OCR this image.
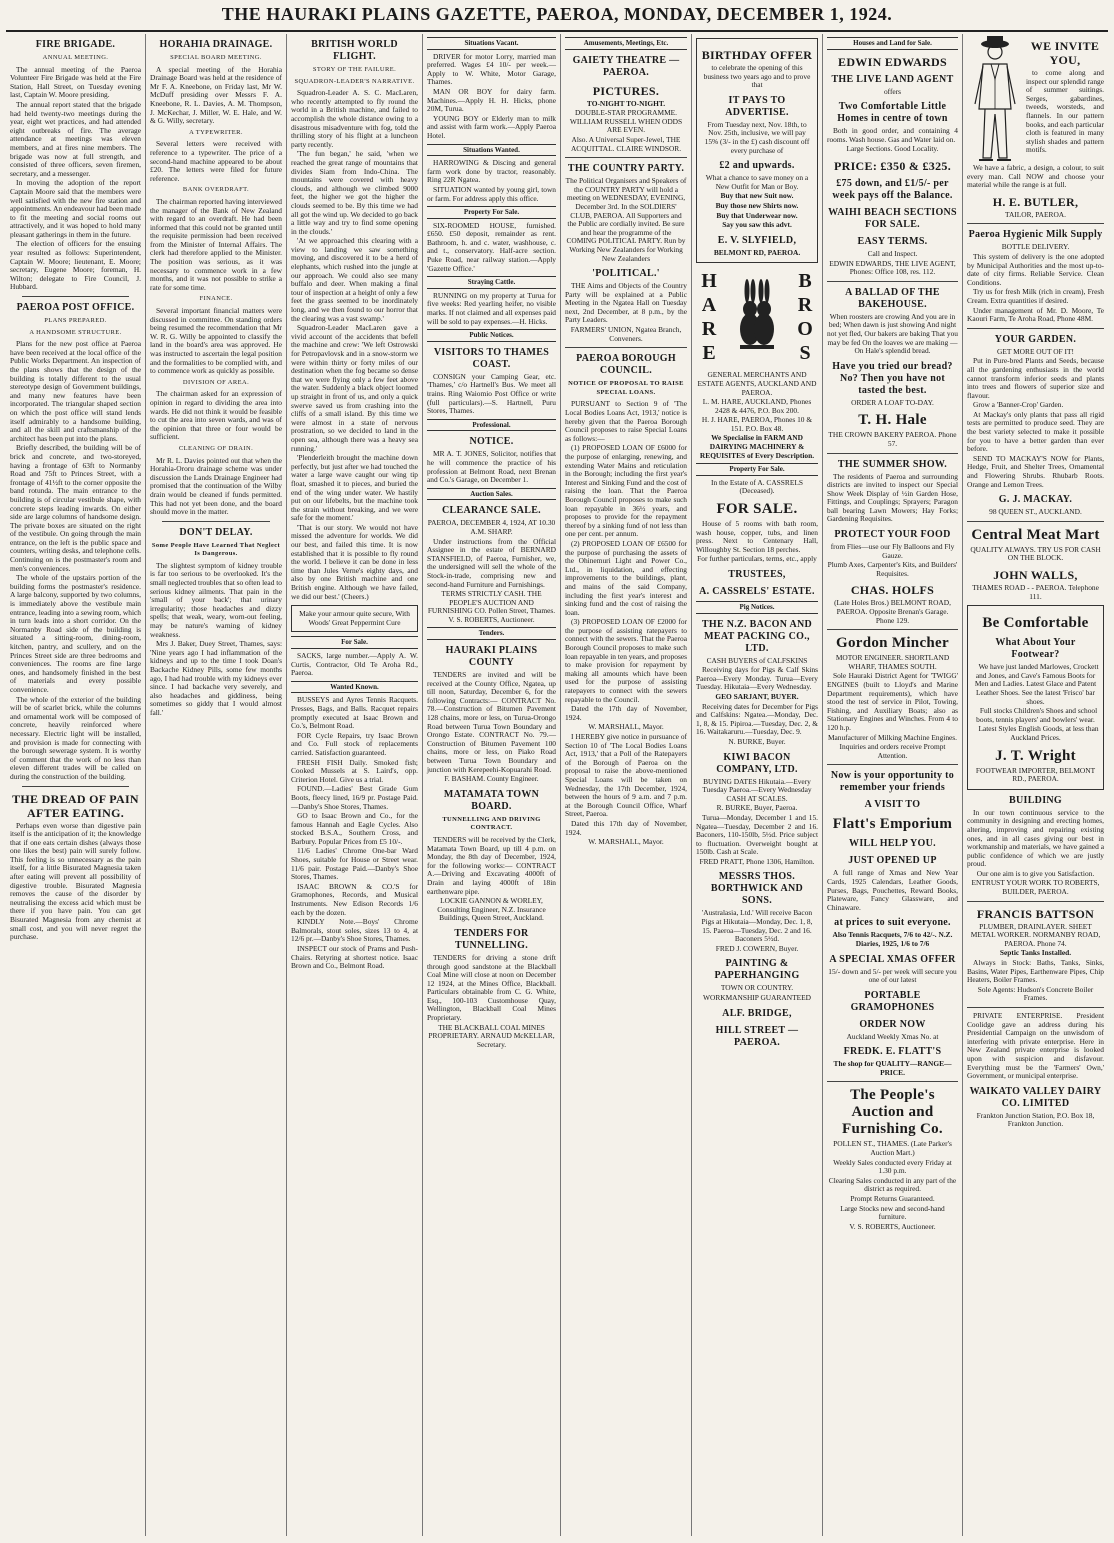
THE HAURAKI PLAINS GAZETTE, PAEROA, MONDAY, DECEMBER 1, 1924.
FIRE BRIGADE.
ANNUAL MEETING.

The annual meeting of the Paeroa Volunteer Fire Brigade was held at the Fire Station, Hall Street, on Tuesday evening last, Captain W. Moore presiding.

The annual report stated that the brigade had held twenty-two meetings during the year, eight wet practices, and had attended eight outbreaks of fire. The average attendance at meetings was eleven members, and at fires nine members. The brigade was now at full strength, and consisted of three officers, seven firemen, secretary, and a messenger.

In moving the adoption of the report Captain Moore said that the members were well satisfied with the new fire station and appointments. An endeavour had been made to fit the meeting and social rooms out attractively, and it was hoped to hold many pleasant gatherings in them in the future.

The election of officers for the ensuing year resulted as follows: Superintendent, Captain W. Moore; lieutenant, E. Moore; secretary, Eugene Moore; foreman, H. Wilton; delegate to Fire Council, J. Hubbard.

PAEROA POST OFFICE.
PLANS PREPARED.
A HANDSOME STRUCTURE.

Plans for the new post office at Paeroa have been received at the local office of the Public Works Department. An inspection of the plans shows that the design of the building is totally different to the usual stereotype design of Government buildings, and many new features have been incorporated. The triangular shaped section on which the post office will stand lends itself admirably to a handsome building, and all the skill and craftsmanship of the architect has been put into the plans.

Briefly described, the building will be of brick and concrete, and two-storeyed, having a frontage of 63ft to Normanby Road and 75ft to Princes Street, with a frontage of 41½ft to the corner opposite the band rotunda. The main entrance to the building is of circular vestibule shape, with concrete steps leading inwards. On either side are large columns of handsome design. The private boxes are situated on the right of the vestibule. On going through the main entrance, on the left is the public space and counters, writing desks, and telephone cells. Continuing on is the postmaster's room and men's conveniences.

The whole of the upstairs portion of the building forms the postmaster's residence. A large balcony, supported by two columns, is immediately above the vestibule main entrance, leading into a sewing room, which in turn leads into a short corridor. On the Normanby Road side of the building is situated a sitting-room, dining-room, kitchen, pantry, and scullery, and on the Princes Street side are three bedrooms and conveniences. The rooms are fine large ones, and handsomely finished in the best of materials and every possible convenience.

The whole of the exterior of the building will be of scarlet brick, while the columns and ornamental work will be composed of concrete, heavily reinforced where necessary. Electric light will be installed, and provision is made for connecting with the borough sewerage system. It is worthy of comment that the work of no less than eleven different trades will be called on during the construction of the building.

THE DREAD OF PAIN AFTER EATING.

Perhaps even worse than digestive pain itself is the anticipation of it; the knowledge that if one eats certain dishes (always those one likes the best) pain will surely follow. This feeling is so unnecessary as the pain itself, for a little Bisurated Magnesia taken after eating will prevent all possibility of digestive trouble. Bisurated Magnesia removes the cause of the disorder by neutralising the excess acid which must be there if you have pain. You can get Bisurated Magnesia from any chemist at small cost, and you will never regret the purchase.

HORAHIA DRAINAGE.
SPECIAL BOARD MEETING.

A special meeting of the Horahia Drainage Board was held at the residence of Mr F. A. Kneebone, on Friday last, Mr W. McDuff presiding over Messrs F. A. Kneebone, R. L. Davies, A. M. Thompson, J. McKechar, J. Miller, W. E. Hale, and W. & G. Willy, secretary.

A TYPEWRITER.

Several letters were received with reference to a typewriter. The price of a second-hand machine appeared to be about £20. The letters were filed for future reference.

BANK OVERDRAFT.

The chairman reported having interviewed the manager of the Bank of New Zealand with regard to an overdraft. He had been informed that this could not be granted until the requisite permission had been received from the Minister of Internal Affairs. The clerk had therefore applied to the Minister. The position was serious, as it was necessary to commence work in a few months, and it was not possible to strike a rate for some time.

FINANCE.

Several important financial matters were discussed in committee. On standing orders being resumed the recommendation that Mr W. R. G. Willy be appointed to classify the land in the board's area was approved. He was instructed to ascertain the legal position and the formalities to be complied with, and to commence work as quickly as possible.

DIVISION OF AREA.

The chairman asked for an expression of opinion in regard to dividing the area into wards. He did not think it would be feasible to cut the area into seven wards, and was of the opinion that three or four would be sufficient.

CLEANING OF DRAIN.

Mr R. L. Davies pointed out that when the Horahia-Ororu drainage scheme was under discussion the Lands Drainage Engineer had promised that the continuation of the Wilby drain would be cleaned if funds permitted. This had not yet been done, and the board should move in the matter.

DON'T DELAY.
Some People Have Learned That Neglect Is Dangerous.

The slightest symptom of kidney trouble is far too serious to be overlooked. It's the small neglected troubles that so often lead to serious kidney ailments. That pain in the 'small of your back'; that urinary irregularity; those headaches and dizzy spells; that weak, weary, worn-out feeling, may be nature's warning of kidney weakness.

Mrs J. Baker, Duey Street, Thames, says: 'Nine years ago I had inflammation of the kidneys and up to the time I took Doan's Backache Kidney Pills, some few months ago, I had had trouble with my kidneys ever since. I had backache very severely, and also headaches and giddiness, being sometimes so giddy that I would almost fall.'

BRITISH WORLD FLIGHT.
STORY OF THE FAILURE.
SQUADRON-LEADER'S NARRATIVE.

Squadron-Leader A. S. C. MacLaren, who recently attempted to fly round the world in a British machine, and failed to accomplish the whole distance owing to a disastrous misadventure with fog, told the thrilling story of his flight at a luncheon party recently.

'The fun began,' he said, 'when we reached the great range of mountains that divides Siam from Indo-China. The mountains were covered with heavy clouds, and although we climbed 9000 feet, the higher we got the higher the clouds seemed to be. By this time we had all got the wind up. We decided to go back a little way and try to find some opening in the clouds.'

'At we approached this clearing with a view to landing we saw something moving, and discovered it to be a herd of elephants, which rushed into the jungle at our approach. We could also see many buffalo and deer. When making a final tour of inspection at a height of only a few feet the grass seemed to be inordinately long, and we then found to our horror that the clearing was a vast swamp.'

Squadron-Leader MacLaren gave a vivid account of the accidents that befell the machine and crew: 'We left Ostrowski for Petropavlovsk and in a snow-storm we were within thirty or forty miles of our destination when the fog became so dense that we were flying only a few feet above the water. Suddenly a black object loomed up straight in front of us, and only a quick swerve saved us from crashing into the cliffs of a small island. By this time we were almost in a state of nervous prostration, so we decided to land in the open sea, although there was a heavy sea running.'

'Plenderleith brought the machine down perfectly, but just after we had touched the water a large wave caught our wing tip float, smashed it to pieces, and buried the end of the wing under water. We hastily put on our lifebelts, but the machine took the strain without breaking, and we were safe for the moment.'

'That is our story. We would not have missed the adventure for worlds. We did our best, and failed this time. It is now established that it is possible to fly round the world. I believe it can be done in less time than Jules Verne's eighty days, and also by one British machine and one British engine. Although we have failed, we did our best.' (Cheers.)

Make your armour quite secure, With Woods' Great Peppermint Cure
For Sale.

SACKS, large number.—Apply A. W. Curtis, Contractor, Old Te Aroha Rd., Paeroa.

Wanted Known.

BUSSEYS and Ayres Tennis Racquets. Presses, Bags, and Balls. Racquet repairs promptly executed at Isaac Brown and Co.'s, Belmont Road.

FOR Cycle Repairs, try Isaac Brown and Co. Full stock of replacements carried. Satisfaction guaranteed.

FRESH FISH Daily. Smoked fish; Cooked Mussels at S. Laird's, opp. Criterion Hotel. Give us a trial.

FOUND.—Ladies' Best Grade Gum Boots, fleecy lined, 16/9 pr. Postage Paid.—Danby's Shoe Stores, Thames.

GO to Isaac Brown and Co., for the famous Hannah and Eagle Cycles. Also stocked B.S.A., Southern Cross, and Barbury. Popular Prices from £5 10/-.

11/6 Ladies' Chrome One-bar Ward Shoes, suitable for House or Street wear. 11/6 pair. Postage Paid.—Danby's Shoe Stores, Thames.

ISAAC BROWN & CO.'S for Gramophones, Records, and Musical Instruments. New Edison Records 1/6 each by the dozen.

KINDLY Note.—Boys' Chrome Balmorals, stout soles, sizes 13 to 4, at 12/6 pr.—Danby's Shoe Stores, Thames.

INSPECT our stock of Prams and Push-Chairs. Retyring at shortest notice. Isaac Brown and Co., Belmont Road.

Situations Vacant.

DRIVER for motor Lorry, married man preferred. Wages £4 10/- per week.—Apply to W. White, Motor Garage, Thames.

MAN OR BOY for dairy farm. Machines.—Apply H. H. Hicks, phone 20M, Turua.

YOUNG BOY or Elderly man to milk and assist with farm work.—Apply Paeroa Hotel.

Situations Wanted.

HARROWING & Discing and general farm work done by tractor, reasonably. Ring 22R Ngatea.

SITUATION wanted by young girl, town or farm. For address apply this office.

Property For Sale.

SIX-ROOMED HOUSE, furnished. £650. £50 deposit, remainder as rent. Bathroom, h. and c. water, washhouse, c. and t., conservatory. Half-acre section. Puke Road, near railway station.—Apply 'Gazette Office.'

Straying Cattle.

RUNNING on my property at Turua for five weeks: Red yearling heifer, no visible marks. If not claimed and all expenses paid will be sold to pay expenses.—H. Hicks.

Public Notices.
VISITORS TO THAMES COAST.

CONSIGN your Camping Gear, etc. 'Thames,' c/o Hartnell's Bus. We meet all trains. Ring Waiomio Post Office or write (full particulars).—S. Hartnell, Puru Stores, Thames.

Professional.
NOTICE.

MR A. T. JONES, Solicitor, notifies that he will commence the practice of his profession at Belmont Road, next Brenan and Co.'s Garage, on December 1.

Auction Sales.
CLEARANCE SALE.

PAEROA, DECEMBER 4, 1924, AT 10.30 A.M. SHARP.

Under instructions from the Official Assignee in the estate of BERNARD STANSFIELD, of Paeroa, Furnisher, we, the undersigned will sell the whole of the Stock-in-trade, comprising new and second-hand Furniture and Furnishings.

TERMS STRICTLY CASH. THE PEOPLE'S AUCTION AND FURNISHING CO. Pollen Street, Thames. V. S. ROBERTS, Auctioneer.

Tenders.
HAURAKI PLAINS COUNTY

TENDERS are invited and will be received at the County Office, Ngatea, up till noon, Saturday, December 6, for the following Contracts:— CONTRACT No. 78.—Construction of Bitumen Pavement 128 chains, more or less, on Turua-Orongo Road between Turua Town Boundary and Orongo Estate. CONTRACT No. 79.—Construction of Bitumen Pavement 100 chains, more or less, on Piako Road between Turua Town Boundary and junction with Kerepeehi-Kopuarahi Road.

F. BASHAM. County Engineer.

MATAMATA TOWN BOARD.
TUNNELLING AND DRIVING CONTRACT.

TENDERS will be received by the Clerk, Matamata Town Board, up till 4 p.m. on Monday, the 8th day of December, 1924, for the following works:— CONTRACT A.—Driving and Excavating 4000ft of Drain and laying 4000ft of 18in earthenware pipe.

LOCKIE GANNON & WORLEY, Consulting Engineer, N.Z. Insurance Buildings, Queen Street, Auckland.

TENDERS FOR TUNNELLING.

TENDERS for driving a stone drift through good sandstone at the Blackball Coal Mine will close at noon on December 12 1924, at the Mines Office, Blackball. Particulars obtainable from C. G. White, Esq., 100-103 Customhouse Quay, Wellington, Blackball Coal Mines Proprietary.

THE BLACKBALL COAL MINES PROPRIETARY. ARNAUD McKELLAR, Secretary.

Amusements, Meetings, Etc.
GAIETY THEATRE — PAEROA.
PICTURES.

TO-NIGHT TO-NIGHT.

DOUBLE-STAR PROGRAMME. WILLIAM RUSSELL WHEN ODDS ARE EVEN.

Also. A Universal Super-Jewel, THE ACQUITTAL. CLAIRE WINDSOR.

THE COUNTRY PARTY.

The Political Organisers and Speakers of the COUNTRY PARTY will hold a meeting on WEDNESDAY, EVENING, December 3rd. In the SOLDIERS' CLUB, PAEROA. All Supporters and the Public are cordially invited. Be sure and hear the programme of the COMING POLITICAL PARTY. Run by Working New Zealanders for Working New Zealanders

'POLITICAL.'

THE Aims and Objects of the Country Party will be explained at a Public Meeting in the Ngatea Hall on Tuesday next, 2nd December, at 8 p.m., by the Party Leaders.

FARMERS' UNION, Ngatea Branch, Conveners.

PAEROA BOROUGH COUNCIL.
NOTICE OF PROPOSAL TO RAISE SPECIAL LOANS.

PURSUANT to Section 9 of 'The Local Bodies Loans Act, 1913,' notice is hereby given that the Paeroa Borough Council proposes to raise Special Loans as follows:—

(1) PROPOSED LOAN OF £6000 for the purpose of enlarging, renewing, and extending Water Mains and reticulation in the Borough; including the first year's Interest and Sinking Fund and the cost of raising the loan. That the Paeroa Borough Council proposes to make such loan repayable in 36½ years, and proposes to provide for the repayment thereof by a sinking fund of not less than one per cent. per annum.

(2) PROPOSED LOAN OF £6500 for the purpose of purchasing the assets of the Ohinemuri Light and Power Co., Ltd., in liquidation, and effecting improvements to the buildings, plant, and mains of the said Company, including the first year's interest and sinking fund and the cost of raising the loan.

(3) PROPOSED LOAN OF £2000 for the purpose of assisting ratepayers to connect with the sewers. That the Paeroa Borough Council proposes to make such loan repayable in ten years, and proposes to make provision for repayment by making all amounts which have been used for the purpose of assisting ratepayers to connect with the sewers repayable to the Council.

Dated the 17th day of November, 1924.

W. MARSHALL, Mayor.

I HEREBY give notice in pursuance of Section 10 of 'The Local Bodies Loans Act, 1913,' that a Poll of the Ratepayers of the Borough of Paeroa on the proposal to raise the above-mentioned Special Loans will be taken on Wednesday, the 17th December, 1924, between the hours of 9 a.m. and 7 p.m. at the Borough Council Office, Wharf Street, Paeroa.

Dated this 17th day of November, 1924.

W. MARSHALL, Mayor.

BIRTHDAY OFFER

to celebrate the opening of this business two years ago and to prove that

IT PAYS TO ADVERTISE.

From Tuesday next, Nov. 18th, to Nov. 25th, inclusive, we will pay 15% (3/- in the £) cash discount off every purchase of

£2 and upwards.

What a chance to save money on a New Outfit for Man or Boy.

Buy that new Suit now.

Buy those new Shirts now.

Buy that Underwear now.

Say you saw this advt.

E. V. SLYFIELD,

BELMONT RD, PAEROA.

H A R E
B R O S

GENERAL MERCHANTS AND ESTATE AGENTS, AUCKLAND AND PAEROA.

L. M. HARE, AUCKLAND, Phones 2428 & 4476, P.O. Box 200.

H. J. HARE, PAEROA, Phones 10 & 151. P.O. Box 48.

We Specialise in FARM AND DAIRYING MACHINERY & REQUISITES of Every Description.

Property For Sale.

In the Estate of A. CASSRELS (Deceased).

FOR SALE.

House of 5 rooms with bath room, wash house, copper, tubs, and linen press. Next to Centenary Hall, Willoughby St. Section 18 perches.

For further particulars, terms, etc., apply

TRUSTEES,
A. CASSRELS' ESTATE.
Pig Notices.
THE N.Z. BACON AND MEAT PACKING CO., LTD.

CASH BUYERS of CALFSKINS

Receiving days for Pigs & Calf Skins Paeroa—Every Monday. Turua—Every Tuesday. Hikutaia—Every Wednesday.

GEO SARJANT, BUYER.

Receiving dates for December for Pigs and Calfskins: Ngatea.—Monday, Dec. 1, 8, & 15. Pipiroa.—Tuesday, Dec. 2, & 16. Waitakaruru.—Tuesday, Dec. 9.

N. BURKE, Buyer.

KIWI BACON COMPANY, LTD.

BUYING DATES Hikutaia.—Every Tuesday Paeroa.—Every Wednesday CASH AT SCALES.

R. BURKE, Buyer, Paeroa.

Turua—Monday, December 1 and 15. Ngatea—Tuesday, December 2 and 16. Baconers, 110-150lb, 5½d. Price subject to fluctuation. Overweight bought at 150lb. Cash at Scale.

FRED PRATT, Phone 1306, Hamilton.

MESSRS THOS. BORTHWICK AND SONS.

'Australasia, Ltd.' Will receive Bacon Pigs at Hikutaia—Monday, Dec. 1, 8, 15. Paeroa—Tuesday, Dec. 2 and 16. Baconers 5½d.

FRED J. COWERN, Buyer.

PAINTING & PAPERHANGING

TOWN OR COUNTRY.

WORKMANSHIP GUARANTEED

ALF. BRIDGE,
HILL STREET — PAEROA.
Houses and Land for Sale.
EDWIN EDWARDS
THE LIVE LAND AGENT

offers

Two Comfortable Little Homes in centre of town

Both in good order, and containing 4 rooms. Wash house. Gas and Water laid on.

Large Sections. Good Locality.

PRICE: £350 & £325.
£75 down, and £1/5/- per week pays off the Balance.
WAIHI BEACH SECTIONS FOR SALE.
EASY TERMS.

Call and Inspect.

EDWIN EDWARDS, THE LIVE AGENT, Phones: Office 108, res. 112.

A BALLAD OF THE BAKEHOUSE.

When roosters are crowing And you are in bed; When dawn is just showing And night not yet fled, Our bakers are baking That you may be fed On the loaves we are making —On Hale's splendid bread.

Have you tried our bread? No? Then you have not tasted the best.

ORDER A LOAF TO-DAY.

T. H. Hale

THE CROWN BAKERY PAEROA. Phone 57.

THE SUMMER SHOW.

The residents of Paeroa and surrounding districts are invited to inspect our Special Show Week Display of ½in Garden Hose, Fittings, and Couplings; Sprayers; Paragon ball bearing Lawn Mowers; Hay Forks; Gardening Requisites.

PROTECT YOUR FOOD

from Flies—use our Fly Balloons and Fly Gauze.

Plumb Axes, Carpenter's Kits, and Builders' Requisites.

CHAS. HOLFS

(Late Holes Bros.) BELMONT ROAD, PAEROA. Opposite Brenan's Garage. Phone 129.

Gordon Mincher

MOTOR ENGINEER. SHORTLAND WHARF, THAMES SOUTH.

Sole Hauraki District Agent for 'TWIGG' ENGINES (built to Lloyd's and Marine Department requirements), which have stood the test of service in Pilot, Towing, Fishing, and Auxiliary Boats; also as Stationary Engines and Winches. From 4 to 120 h.p.

Manufacturer of Milking Machine Engines.

Inquiries and orders receive Prompt Attention.

Now is your opportunity to remember your friends
A VISIT TO
Flatt's Emporium
WILL HELP YOU.
JUST OPENED UP

A full range of Xmas and New Year Cards, 1925 Calendars, Leather Goods, Purses, Bags, Pouchettes, Reward Books, Plateware, Fancy Glassware, and Chinaware.

at prices to suit everyone.

Also Tennis Racquets, 7/6 to 42/-. N.Z. Diaries, 1925, 1/6 to 7/6

A SPECIAL XMAS OFFER

15/- down and 5/- per week will secure you one of our latest

PORTABLE GRAMOPHONES
ORDER NOW

Auckland Weekly Xmas No. at

FREDK. E. FLATT'S

The shop for QUALITY—RANGE—PRICE.

The People's Auction and Furnishing Co.

POLLEN ST., THAMES. (Late Parker's Auction Mart.)

Weekly Sales conducted every Friday at 1.30 p.m.

Clearing Sales conducted in any part of the district as required.

Prompt Returns Guaranteed.

Large Stocks new and second-hand furniture.

V. S. ROBERTS, Auctioneer.

WE INVITE YOU,

to come along and inspect our splendid range of summer suitings. Serges, gabardines, tweeds, worsteds, and flannels. In our pattern books, and each particular cloth is featured in many stylish shades and pattern motifs.

We have a fabric, a design, a colour, to suit every man. Call NOW and choose your material while the range is at full.

H. E. BUTLER,

TAILOR, PAEROA.

Paeroa Hygienic Milk Supply

BOTTLE DELIVERY.

This system of delivery is the one adopted by Municipal Authorities and the most up-to-date of city firms. Reliable Service. Clean Conditions.

Try us for fresh Milk (rich in cream), Fresh Cream. Extra quantities if desired.

Under management of Mr. D. Moore, Te Kaouri Farm, Te Aroha Road, Phone 48M.

YOUR GARDEN.

GET MORE OUT OF IT!

Put in Pure-bred Plants and Seeds, because all the gardening enthusiasts in the world cannot transform inferior seeds and plants into trees and flowers of superior size and flavour.

Grow a 'Banner-Crop' Garden.

At Mackay's only plants that pass all rigid tests are permitted to produce seed. They are the best variety selected to make it possible for you to have a better garden than ever before.

SEND TO MACKAY'S NOW for Plants, Hedge, Fruit, and Shelter Trees, Ornamental and Flowering Shrubs. Rhubarb Roots. Orange and Lemon Trees.

G. J. MACKAY.

98 QUEEN ST., AUCKLAND.

Central Meat Mart

QUALITY ALWAYS. TRY US FOR CASH ON THE BLOCK.

JOHN WALLS,

THAMES ROAD - - PAEROA. Telephone 111.

Be Comfortable
What About Your Footwear?

We have just landed Marlowes, Crockett and Jones, and Cave's Famous Boots for Men and Ladies. Latest Glace and Patent Leather Shoes. See the latest 'Frisco' bar shoes.

Full stocks Children's Shoes and school boots, tennis players' and bowlers' wear.

Latest Styles English Goods, at less than Auckland Prices.

J. T. Wright

FOOTWEAR IMPORTER, BELMONT RD., PAEROA.

BUILDING

In our town continuous service to the community in designing and erecting homes, altering, improving and repairing existing ones, and in all cases giving our best in workmanship and materials, we have gained a public confidence of which we are justly proud.

Our one aim is to give you Satisfaction.

ENTRUST YOUR WORK TO ROBERTS, BUILDER, PAEROA.

FRANCIS BATTSON

PLUMBER, DRAINLAYER. SHEET METAL WORKER. NORMANBY ROAD, PAEROA. Phone 74.

Septic Tanks Installed.

Always in Stock: Baths, Tanks, Sinks, Basins, Water Pipes, Earthenware Pipes, Chip Heaters, Boiler Frames.

Sole Agents: Hudson's Concrete Boiler Frames.

PRIVATE ENTERPRISE. President Coolidge gave an address during his Presidential Campaign on the unwisdom of interfering with private enterprise. Here in New Zealand private enterprise is looked upon with suspicion and disfavour. Everything must be the 'Farmers' Own,' Government, or municipal enterprise.

WAIKATO VALLEY DAIRY CO. LIMITED

Frankton Junction Station, P.O. Box 18, Frankton Junction.
